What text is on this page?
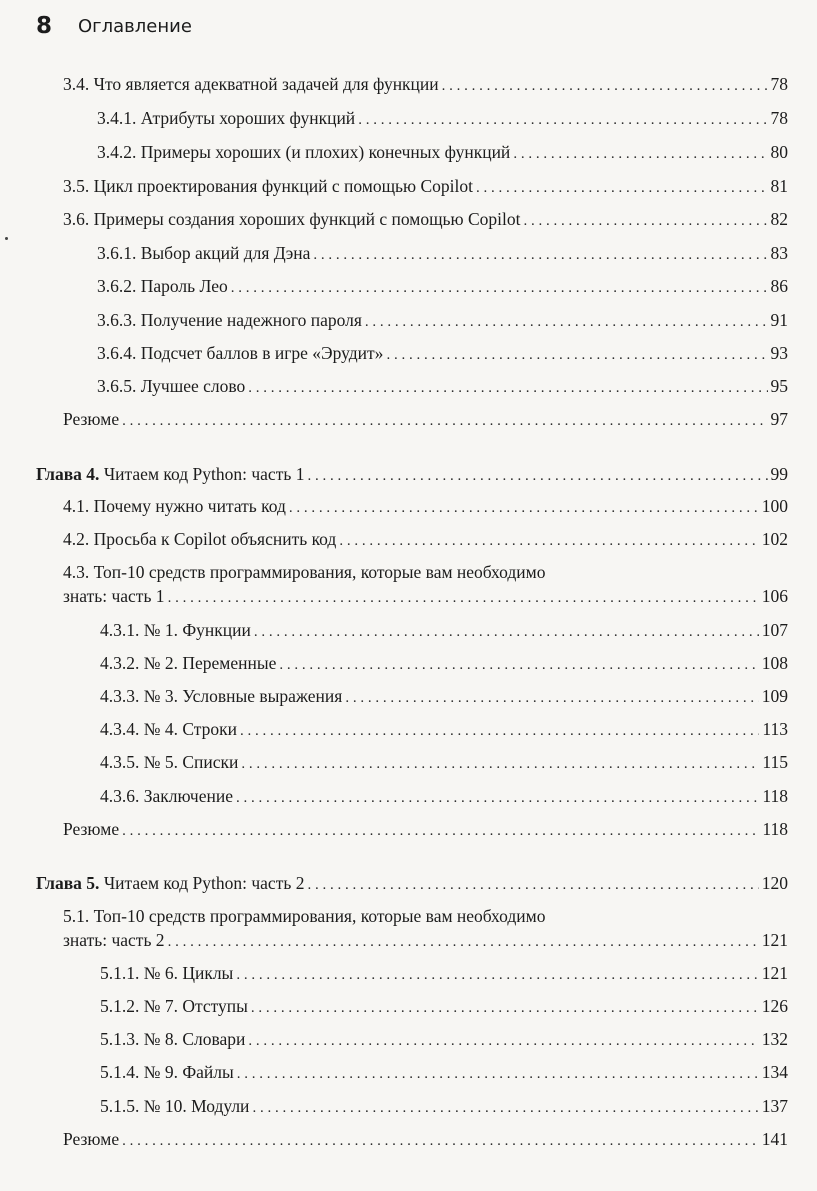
8 Оглавление
3.4. Что является адекватной задачей для функции . . .	78
3.4.1. Атрибуты хороших функций . . .	78
3.4.2. Примеры хороших (и плохих) конечных функций . . .	80
3.5. Цикл проектирования функций с помощью Copilot . . .	81
3.6. Примеры создания хороших функций с помощью Copilot . . .	82
3.6.1. Выбор акций для Дэна . . .	83
3.6.2. Пароль Лео . . .	86
3.6.3. Получение надежного пароля . . .	91
3.6.4. Подсчет баллов в игре «Эрудит» . . .	93
3.6.5. Лучшее слово . . .	95
Резюме . . .	97
Глава 4. Читаем код Python: часть 1 . . .	99
4.1. Почему нужно читать код . . .	100
4.2. Просьба к Copilot объяснить код . . .	102
4.3. Топ-10 средств программирования, которые вам необходимо
знать: часть 1 . . .	106
4.3.1. № 1. Функции . . .	107
4.3.2. № 2. Переменные . . .	108
4.3.3. № 3. Условные выражения . . .	109
4.3.4. № 4. Строки . . .	113
4.3.5. № 5. Списки . . .	115
4.3.6. Заключение . . .	118
Резюме . . .	118
Глава 5. Читаем код Python: часть 2 . . .	120
5.1. Топ-10 средств программирования, которые вам необходимо
знать: часть 2 . . .	121
5.1.1. № 6. Циклы . . .	121
5.1.2. № 7. Отступы . . .	126
5.1.3. № 8. Словари . . .	132
5.1.4. № 9. Файлы . . .	134
5.1.5. № 10. Модули . . .	137
Резюме . . .	141
